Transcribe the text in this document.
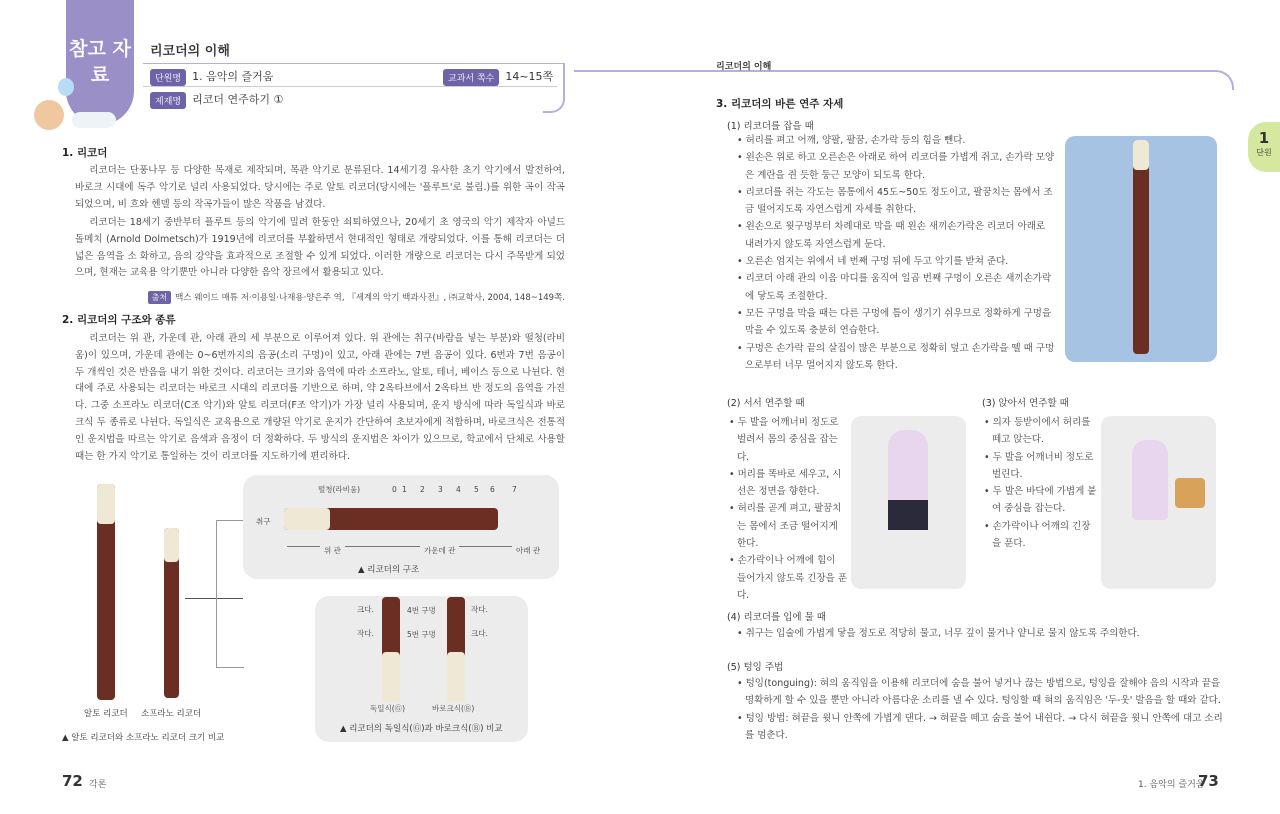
참고 자료
리코더의 이해
단원명 1. 음악의 즐거움	교과서 쪽수 14~15쪽
제재명 리코더 연주하기 ①
리코더의 이해
1. 리코더
리코더는 단풍나무 등 다양한 목재로 제작되며, 목관 악기로 분류된다. 14세기경 유사한 초기 악기에서 발전하여, 바로크 시대에 독주 악기로 널리 사용되었다. 당시에는 주로 알토 리코더(당시에는 '플루트'로 불림.)를 위한 곡이 작곡되었으며, 비 흐와 헨델 등의 작곡가들이 많은 작품을 남겼다.
리코더는 18세기 중반부터 플루트 등의 악기에 밀려 한동안 쇠퇴하였으나, 20세기 초 영국의 악기 제작자 아널드 돌메치 (Arnold Dolmetsch)가 1919년에 리코더를 부활하면서 현대적인 형태로 개량되었다. 이를 통해 리코더는 더 넓은 음역을 소 화하고, 음의 강약을 효과적으로 조절할 수 있게 되었다. 이러한 개량으로 리코더는 다시 주목받게 되었으며, 현재는 교육용 악기뿐만 아니라 다양한 음악 장르에서 활용되고 있다.
출처 맥스 웨이드 매튜 저·이용일·나재용·양은주 역, 『세계의 악기 백과사전』, ㈜교학사, 2004, 148~149쪽.
2. 리코더의 구조와 종류
리코더는 위 관, 가운데 관, 아래 관의 세 부분으로 이루어져 있다. 위 관에는 취구(바람을 넣는 부분)와 떨청(라비움)이 있으며, 가운데 관에는 0~6번까지의 음공(소리 구멍)이 있고, 아래 관에는 7번 음공이 있다. 6번과 7번 음공이 두 개씩인 것은 반음을 내기 위한 것이다. 리코더는 크기와 음역에 따라 소프라노, 알토, 테너, 베이스 등으로 나뉜다. 현대에 주로 사용되는 리코더는 바로크 시대의 리코더를 기반으로 하며, 약 2옥타브에서 2옥타브 반 정도의 음역을 가진다. 그중 소프라노 리코더(C조 악기)와 알토 리코더(F조 악기)가 가장 널리 사용되며, 운지 방식에 따라 독일식과 바로크식 두 종류로 나뉜다. 독일식은 교육용으로 개량된 악기로 운지가 간단하여 초보자에게 적합하며, 바로크식은 전통적인 운지법을 따르는 악기로 음색과 음정이 더 정확하다. 두 방식의 운지법은 차이가 있으므로, 학교에서 단체로 사용할 때는 한 가지 악기로 통일하는 것이 리코더를 지도하기에 편리하다.
알토 리코더 소프라노 리코더
▲ 알토 리코더와 소프라노 리코더 크기 비교
떨청(라비움)	0 1 2 3 4 5 6 7
취구
위 관	가운데 관	아래 관
▲ 리코더의 구조
크다.	4번 구멍	작다.
작다.	5번 구멍	크다.
독일식(Ⓖ)	바로크식(Ⓑ)
▲ 리코더의 독일식(Ⓖ)과 바로크식(Ⓑ) 비교
3. 리코더의 바른 연주 자세
(1) 리코더를 잡을 때
• 허리를 펴고 어깨, 양팔, 팔꿈, 손가락 등의 힘을 뺀다.
• 왼손은 위로 하고 오른손은 아래로 하여 리코더를 가볍게 쥐고, 손가락 모양은 계란을 쥔 듯한 둥근 모양이 되도록 한다.
• 리코더를 쥐는 각도는 몸통에서 45도~50도 정도이고, 팔꿈치는 몸에서 조금 떨어지도록 자연스럽게 자세를 취한다.
• 왼손으로 윗구멍부터 차례대로 막을 때 왼손 새끼손가락은 리코더 아래로 내려가지 않도록 자연스럽게 둔다.
• 오른손 엄지는 위에서 네 번째 구멍 뒤에 두고 악기를 받쳐 준다.
• 리코더 아래 관의 이음 마디를 움직여 일곱 번째 구멍이 오른손 새끼손가락에 닿도록 조절한다.
• 모든 구멍을 막을 때는 다른 구멍에 틈이 생기기 쉬우므로 정확하게 구멍을 막을 수 있도록 충분히 연습한다.
• 구멍은 손가락 끝의 살집이 많은 부분으로 정확히 덮고 손가락을 뗄 때 구멍으로부터 너무 멀어지지 않도록 한다.
(2) 서서 연주할 때
• 두 발을 어깨너비 정도로 벌려서 몸의 중심을 잡는다.
• 머리를 똑바로 세우고, 시선은 정면을 향한다.
• 허리를 곧게 펴고, 팔꿈치는 몸에서 조금 떨어지게 한다.
• 손가락이나 어깨에 힘이 들어가지 않도록 긴장을 푼다.
(3) 앉아서 연주할 때
• 의자 등받이에서 허리를 떼고 앉는다.
• 두 발을 어깨너비 정도로 벌린다.
• 두 발은 바닥에 가볍게 붙여 중심을 잡는다.
• 손가락이나 어깨의 긴장을 푼다.
(4) 리코더를 입에 물 때
• 취구는 입술에 가볍게 닿을 정도로 적당히 물고, 너무 깊이 물거나 얕니로 물지 않도록 주의한다.
(5) 텅잉 주법
• 텅잉(tonguing): 혀의 움직임을 이용해 리코더에 숨을 불어 넣거나 끊는 방법으로, 텅잉을 잘해야 음의 시작과 끝을 명확하게 할 수 있을 뿐만 아니라 아름다운 소리를 낼 수 있다. 텅잉할 때 혀의 움직임은 '두-웃' 발음을 할 때와 같다.
• 텅잉 방법: 혀끝을 윗니 안쪽에 가볍게 댄다. → 혀끝을 떼고 숨을 불어 내쉰다. → 다시 혀끝을 윗니 안쪽에 대고 소리를 멈춘다.
1
단원
72 각론	1. 음악의 즐거움
73
